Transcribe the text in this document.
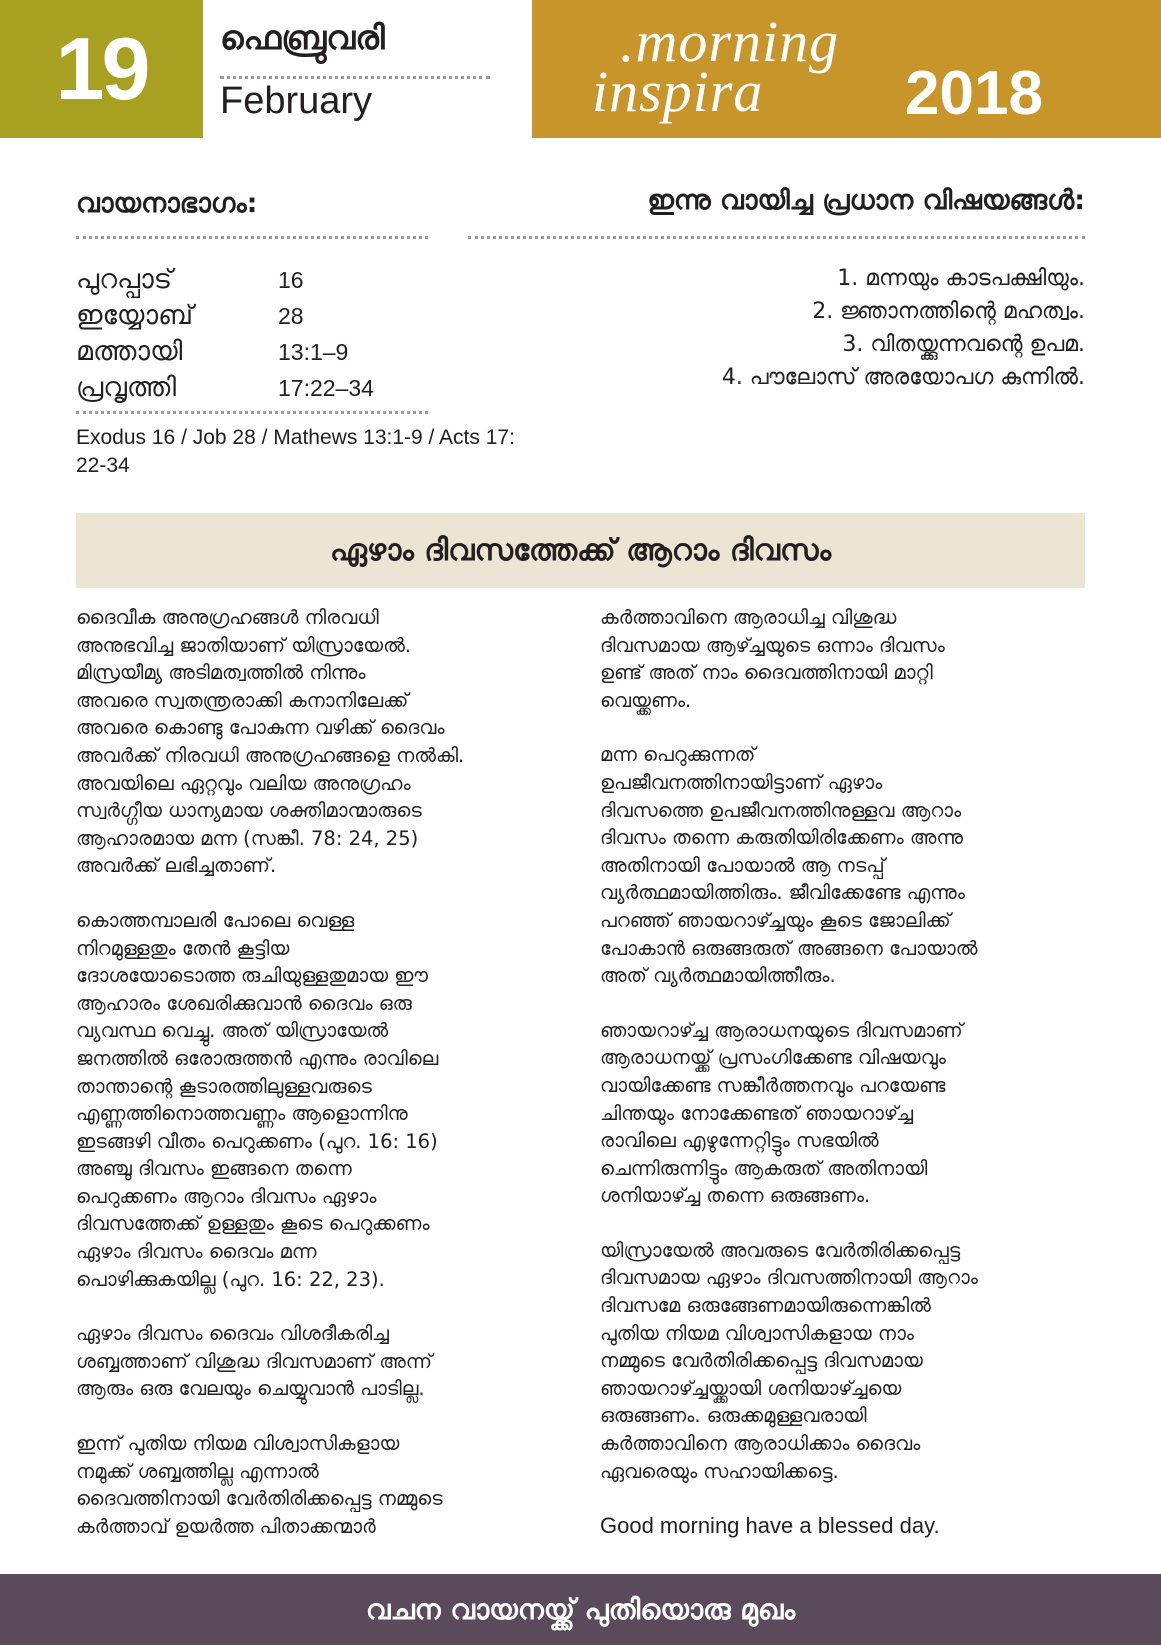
19	ഫെബ്രുവരി
February
.morning
inspira 2018
വായനാഭാഗം:
പുറപ്പാട്	16
ഇയ്യോബ്	28
മത്തായി	13:1–9
പ്രവൃത്തി	17:22–34
Exodus 16 / Job 28 / Mathews 13:1-9 / Acts 17: 22-34
ഇന്നു വായിച്ച പ്രധാന വിഷയങ്ങൾ:
1. മന്നയും കാടപക്ഷിയും.
2. ജ്ഞാനത്തിന്റെ മഹത്വം.
3. വിതയ്ക്കുന്നവന്റെ ഉപമ.
4. പൗലോസ് അരയോപഗ കുന്നിൽ.
ഏഴാം ദിവസത്തേക്ക് ആറാം ദിവസം

ദൈവീക അനുഗ്രഹങ്ങൾ നിരവധി
അനുഭവിച്ച ജാതിയാണ് യിസ്രായേൽ.
മിസ്രയീമ്യ അടിമത്വത്തിൽ നിന്നും
അവരെ സ്വതന്ത്രരാക്കി കനാനിലേക്ക്
അവരെ കൊണ്ടു പോകുന്ന വഴിക്ക് ദൈവം
അവർക്ക് നിരവധി അനുഗ്രഹങ്ങളെ നൽകി.
അവയിലെ ഏറ്റവും വലിയ അനുഗ്രഹം
സ്വർഗ്ഗീയ ധാന്യമായ ശക്തിമാന്മാരുടെ
ആഹാരമായ മന്ന (സങ്കീ. 78: 24, 25)
അവർക്ക് ലഭിച്ചതാണ്.

കൊത്തമ്പാലരി പോലെ വെള്ള
നിറമുള്ളതും തേൻ കൂട്ടിയ
ദോശയോടൊത്ത രുചിയുള്ളതുമായ ഈ
ആഹാരം ശേഖരിക്കുവാൻ ദൈവം ഒരു
വ്യവസ്ഥ വെച്ചു. അത് യിസ്രായേൽ
ജനത്തിൽ ഒരോരുത്തൻ എന്നും രാവിലെ
താന്താന്റെ കൂടാരത്തിലുള്ളവരുടെ
എണ്ണത്തിനൊത്തവണ്ണം ആളൊന്നിനു
ഇടങ്ങഴി വീതം പെറുക്കണം (പുറ. 16: 16)
അഞ്ചു ദിവസം ഇങ്ങനെ തന്നെ
പെറുക്കണം ആറാം ദിവസം ഏഴാം
ദിവസത്തേക്ക് ഉള്ളതും കൂടെ പെറുക്കണം
ഏഴാം ദിവസം ദൈവം മന്ന
പൊഴിക്കുകയില്ല (പുറ. 16: 22, 23).

ഏഴാം ദിവസം ദൈവം വിശദീകരിച്ച
ശബ്ബത്താണ് വിശുദ്ധ ദിവസമാണ് അന്ന്
ആരും ഒരു വേലയും ചെയ്യുവാൻ പാടില്ല.

ഇന്ന് പുതിയ നിയമ വിശ്വാസികളായ
നമുക്ക് ശബ്ബത്തില്ല എന്നാൽ
ദൈവത്തിനായി വേർതിരിക്കപ്പെട്ട നമ്മുടെ
കർത്താവ് ഉയർത്ത പിതാക്കന്മാർ

കർത്താവിനെ ആരാധിച്ച വിശുദ്ധ
ദിവസമായ ആഴ്ച്ചയുടെ ഒന്നാം ദിവസം
ഉണ്ട് അത് നാം ദൈവത്തിനായി മാറ്റി
വെയ്ക്കണം.

മന്ന പെറുക്കുന്നത്
ഉപജീവനത്തിനായിട്ടാണ് ഏഴാം
ദിവസത്തെ ഉപജീവനത്തിനുള്ളവ ആറാം
ദിവസം തന്നെ കരുതിയിരിക്കേണം അന്നു
അതിനായി പോയാൽ ആ നടപ്പ്
വ്യർത്ഥമായിത്തിരും. ജീവിക്കേണ്ടേ എന്നും
പറഞ്ഞ് ഞായറാഴ്ച്ചയും കൂടെ ജോലിക്ക്
പോകാൻ ഒരുങ്ങരുത് അങ്ങനെ പോയാൽ
അത് വ്യർത്ഥമായിത്തീരും.

ഞായറാഴ്ച്ച ആരാധനയുടെ ദിവസമാണ്
ആരാധനയ്ക്ക് പ്രസംഗിക്കേണ്ട വിഷയവും
വായിക്കേണ്ട സങ്കീർത്തനവും പറയേണ്ട
ചിന്തയും നോക്കേണ്ടത് ഞായറാഴ്ച്ച
രാവിലെ എഴുന്നേറ്റിട്ടും സഭയിൽ
ചെന്നിരുന്നിട്ടും ആകരുത് അതിനായി
ശനിയാഴ്ച്ച തന്നെ ഒരുങ്ങണം.

യിസ്രായേൽ അവരുടെ വേർതിരിക്കപ്പെട്ട
ദിവസമായ ഏഴാം ദിവസത്തിനായി ആറാം
ദിവസമേ ഒരുങ്ങേണമായിരുന്നെങ്കിൽ
പുതിയ നിയമ വിശ്വാസികളായ നാം
നമ്മുടെ വേർതിരിക്കപ്പെട്ട ദിവസമായ
ഞായറാഴ്ച്ചയ്ക്കായി ശനിയാഴ്ച്ചയെ
ഒരുങ്ങണം. ഒരുക്കമുള്ളവരായി
കർത്താവിനെ ആരാധിക്കാം ദൈവം
ഏവരെയും സഹായിക്കട്ടെ.

Good morning have a blessed day.
വചന വായനയ്ക്ക് പുതിയൊരു മുഖം
